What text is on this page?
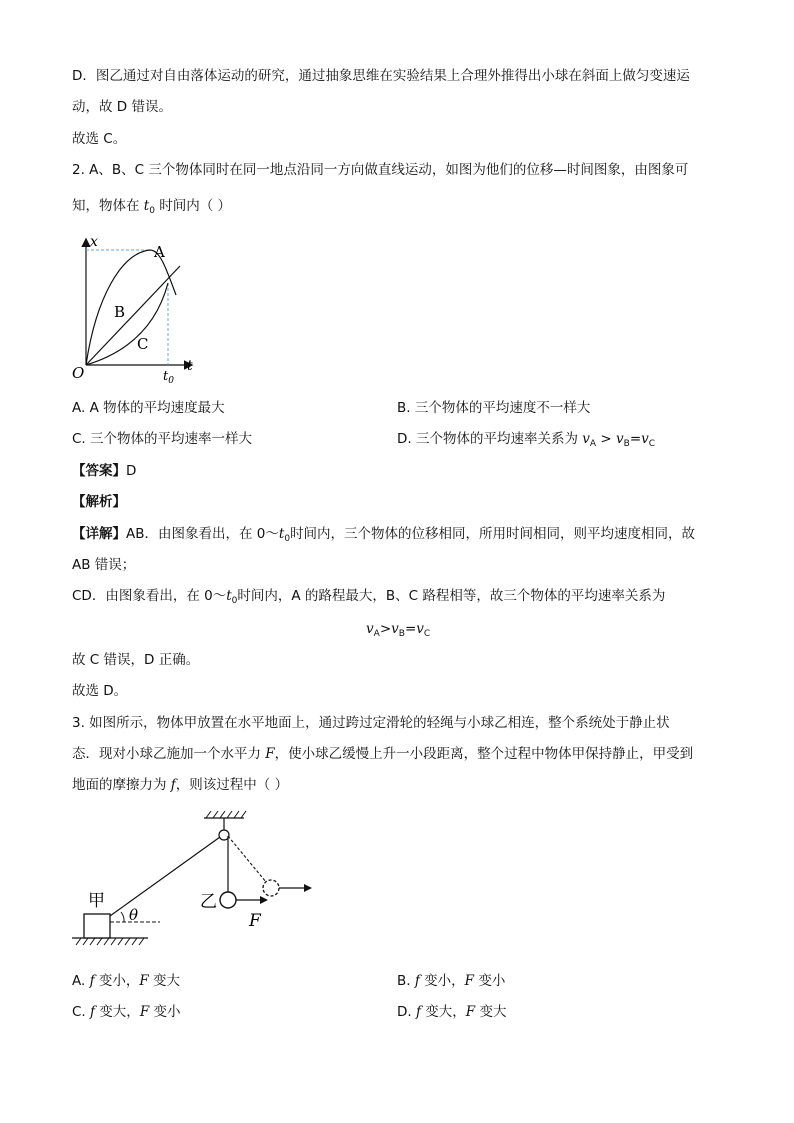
D．图乙通过对自由落体运动的研究，通过抽象思维在实验结果上合理外推得出小球在斜面上做匀变速运
动，故 D 错误。
故选 C。
2. A、B、C 三个物体同时在同一地点沿同一方向做直线运动，如图为他们的位移—时间图象，由图象可
知，物体在 $t_0$ 时间内（ ）
x
t
O	$t_0$
A
B
C
A. A 物体的平均速度最大	B. 三个物体的平均速度不一样大
C. 三个物体的平均速率一样大	D. 三个物体的平均速率关系为 $v_A > v_B=v_C$
【答案】D
【解析】
【详解】AB．由图象看出，在 $0\sim t_0$时间内，三个物体的位移相同，所用时间相同，则平均速度相同，故
AB 错误；
CD．由图象看出，在 $0\sim t_0$时间内，A 的路程最大，B、C 路程相等，故三个物体的平均速率关系为
$v_A>v_B=v_C$
故 C 错误，D 正确。
故选 D。
3. 如图所示，物体甲放置在水平地面上，通过跨过定滑轮的轻绳与小球乙相连，整个系统处于静止状
态．现对小球乙施加一个水平力 F，使小球乙缓慢上升一小段距离，整个过程中物体甲保持静止，甲受到
地面的摩擦力为 f，则该过程中（ ）
甲	乙
θ	F
A. f 变小，F 变大	B. f 变小，F 变小
C. f 变大，F 变小	D. f 变大，F 变大
